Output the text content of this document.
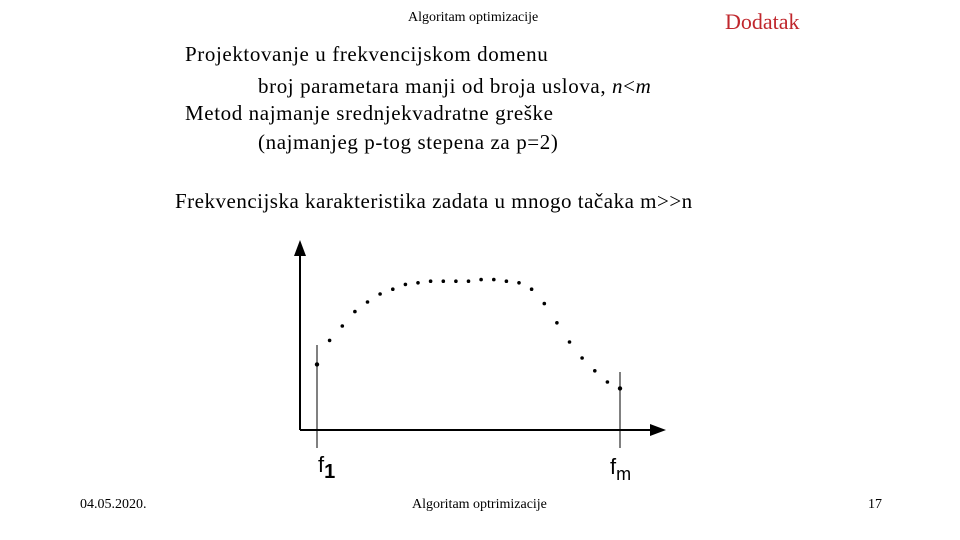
Algoritam optimizacije	Dodatak
Projektovanje u frekvencijskom domenu
broj parametara manji od broja uslova, n<m
Metod najmanje srednjekvadratne greške
(najmanjeg p-tog stepena za p=2)
Frekvencijska karakteristika zadata u mnogo tačaka m>>n
f1	$f_m$
04.05.2020.	Algoritam optrimizacije	17
